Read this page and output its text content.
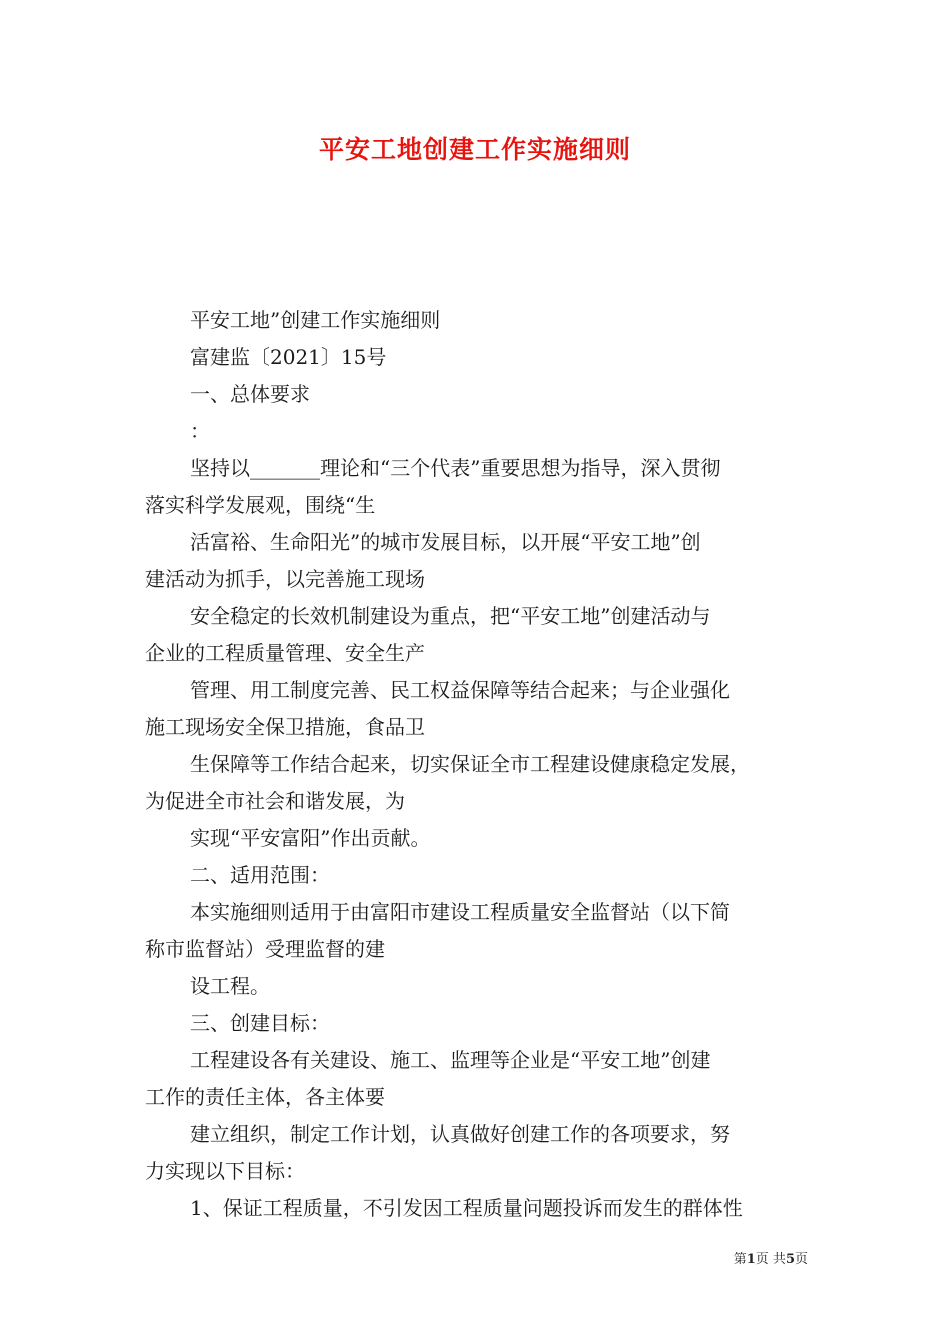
平安工地创建工作实施细则

平安工地”创建工作实施细则

富建监〔2021〕15号

一、总体要求

：

坚持以_______理论和“三个代表”重要思想为指导，深入贯彻

落实科学发展观，围绕“生

活富裕、生命阳光”的城市发展目标，以开展“平安工地”创

建活动为抓手，以完善施工现场

安全稳定的长效机制建设为重点，把“平安工地”创建活动与

企业的工程质量管理、安全生产

管理、用工制度完善、民工权益保障等结合起来；与企业强化

施工现场安全保卫措施，食品卫

生保障等工作结合起来，切实保证全市工程建设健康稳定发展，

为促进全市社会和谐发展，为

实现“平安富阳”作出贡献。

二、适用范围：

本实施细则适用于由富阳市建设工程质量安全监督站（以下简

称市监督站）受理监督的建

设工程。

三、创建目标：

工程建设各有关建设、施工、监理等企业是“平安工地”创建

工作的责任主体，各主体要

建立组织，制定工作计划，认真做好创建工作的各项要求，努

力实现以下目标：

1、保证工程质量，不引发因工程质量问题投诉而发生的群体性

第1页 共5页
